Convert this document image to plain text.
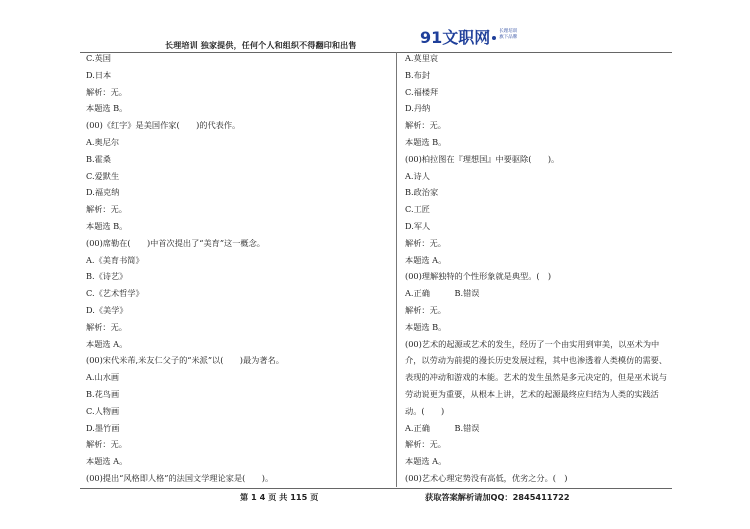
长理培训 独家提供，任何个人和组织不得翻印和出售	91文职网 长理培训
旗下品牌
C.英国
D.日本
解析：无。
本题选 B。
(00)《红字》是美国作家(　　)的代表作。
A.奥尼尔
B.霍桑
C.爱默生
D.福克纳
解析：无。
本题选 B。
(00)席勒在(　　)中首次提出了“美育”这一概念。
A.《美育书简》
B.《诗艺》
C.《艺术哲学》
D.《美学》
解析：无。
本题选 A。
(00)宋代米芾,米友仁父子的“米派”以(　　)最为著名。
A.山水画
B.花鸟画
C.人物画
D.墨竹画
解析：无。
本题选 A。
(00)提出“风格即人格”的法国文学理论家是(　　)。
A.莫里哀
B.布封
C.福楼拜
D.丹纳
解析：无。
本题选 B。
(00)柏拉图在『理想国』中要驱除(　　)。
A.诗人
B.政治家
C.工匠
D.军人
解析：无。
本题选 A。
(00)理解独特的个性形象就是典型。(　)
A.正确　　　B.错误
解析：无。
本题选 B。
(00)艺术的起源或艺术的发生，经历了一个由实用到审美，以巫术为中介，以劳动为前提的漫长历史发展过程，其中也渗透着人类模仿的需要、表现的冲动和游戏的本能。艺术的发生虽然是多元决定的，但是巫术说与劳动说更为重要，从根本上讲，艺术的起源最终应归结为人类的实践活动。(　　)
A.正确　　　B.错误
解析：无。
本题选 A。
(00)艺术心理定势没有高低，优劣之分。(　)
第 1 4 页 共 115 页	获取答案解析请加QQ：2845411722
